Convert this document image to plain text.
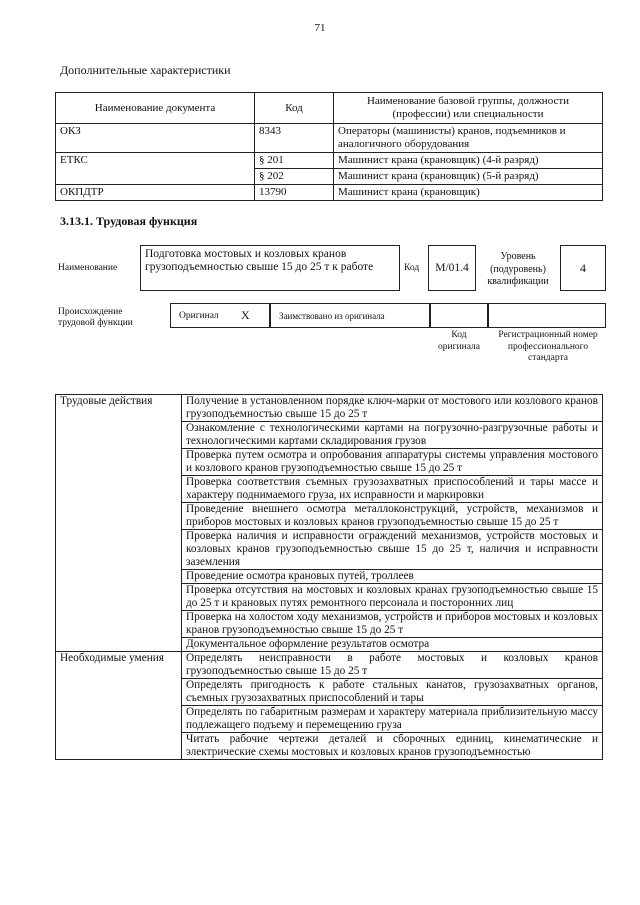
71
Дополнительные характеристики
Наименование документа	Код	Наименование базовой группы, должности (профессии) или специальности
ОКЗ	8343	Операторы (машинисты) кранов, подъемников и аналогичного оборудования
ЕТКС	§ 201	Машинист крана (крановщик) (4-й разряд)
	§ 202	Машинист крана (крановщик) (5-й разряд)
ОКПДТР	13790	Машинист крана (крановщик)
3.13.1. Трудовая функция
Наименование
Подготовка мостовых и козловых кранов грузоподъемностью свыше 15 до 25 т к работе	Код M/01.4
Уровень (подуровень) квалификации
4
Происхождение трудовой функции
Оригинал X	Заимствовано из оригинала
Код оригинала
Регистрационный номер профессионального стандарта
Трудовые действия	Получение в установленном порядке ключ-марки от мостового или козлового кранов грузоподъемностью свыше 15 до 25 т
	Ознакомление с технологическими картами на погрузочно-разгрузочные работы и технологическими картами складирования грузов
	Проверка путем осмотра и опробования аппаратуры системы управления мостового и козлового кранов грузоподъемностью свыше 15 до 25 т
	Проверка соответствия съемных грузозахватных приспособлений и тары массе и характеру поднимаемого груза, их исправности и маркировки
	Проведение внешнего осмотра металлоконструкций, устройств, механизмов и приборов мостовых и козловых кранов грузоподъемностью свыше 15 до 25 т
	Проверка наличия и исправности ограждений механизмов, устройств мостовых и козловых кранов грузоподъемностью свыше 15 до 25 т, наличия и исправности заземления
	Проведение осмотра крановых путей, троллеев
	Проверка отсутствия на мостовых и козловых кранах грузоподъемностью свыше 15 до 25 т и крановых путях ремонтного персонала и посторонних лиц
	Проверка на холостом ходу механизмов, устройств и приборов мостовых и козловых кранов грузоподъемностью свыше 15 до 25 т
	Документальное оформление результатов осмотра
Необходимые умения	Определять неисправности в работе мостовых и козловых кранов грузоподъемностью свыше 15 до 25 т
	Определять пригодность к работе стальных канатов, грузозахватных органов, съемных грузозахватных приспособлений и тары
	Определять по габаритным размерам и характеру материала приблизительную массу подлежащего подъему и перемещению груза
	Читать рабочие чертежи деталей и сборочных единиц, кинематические и электрические схемы мостовых и козловых кранов грузоподъемностью
